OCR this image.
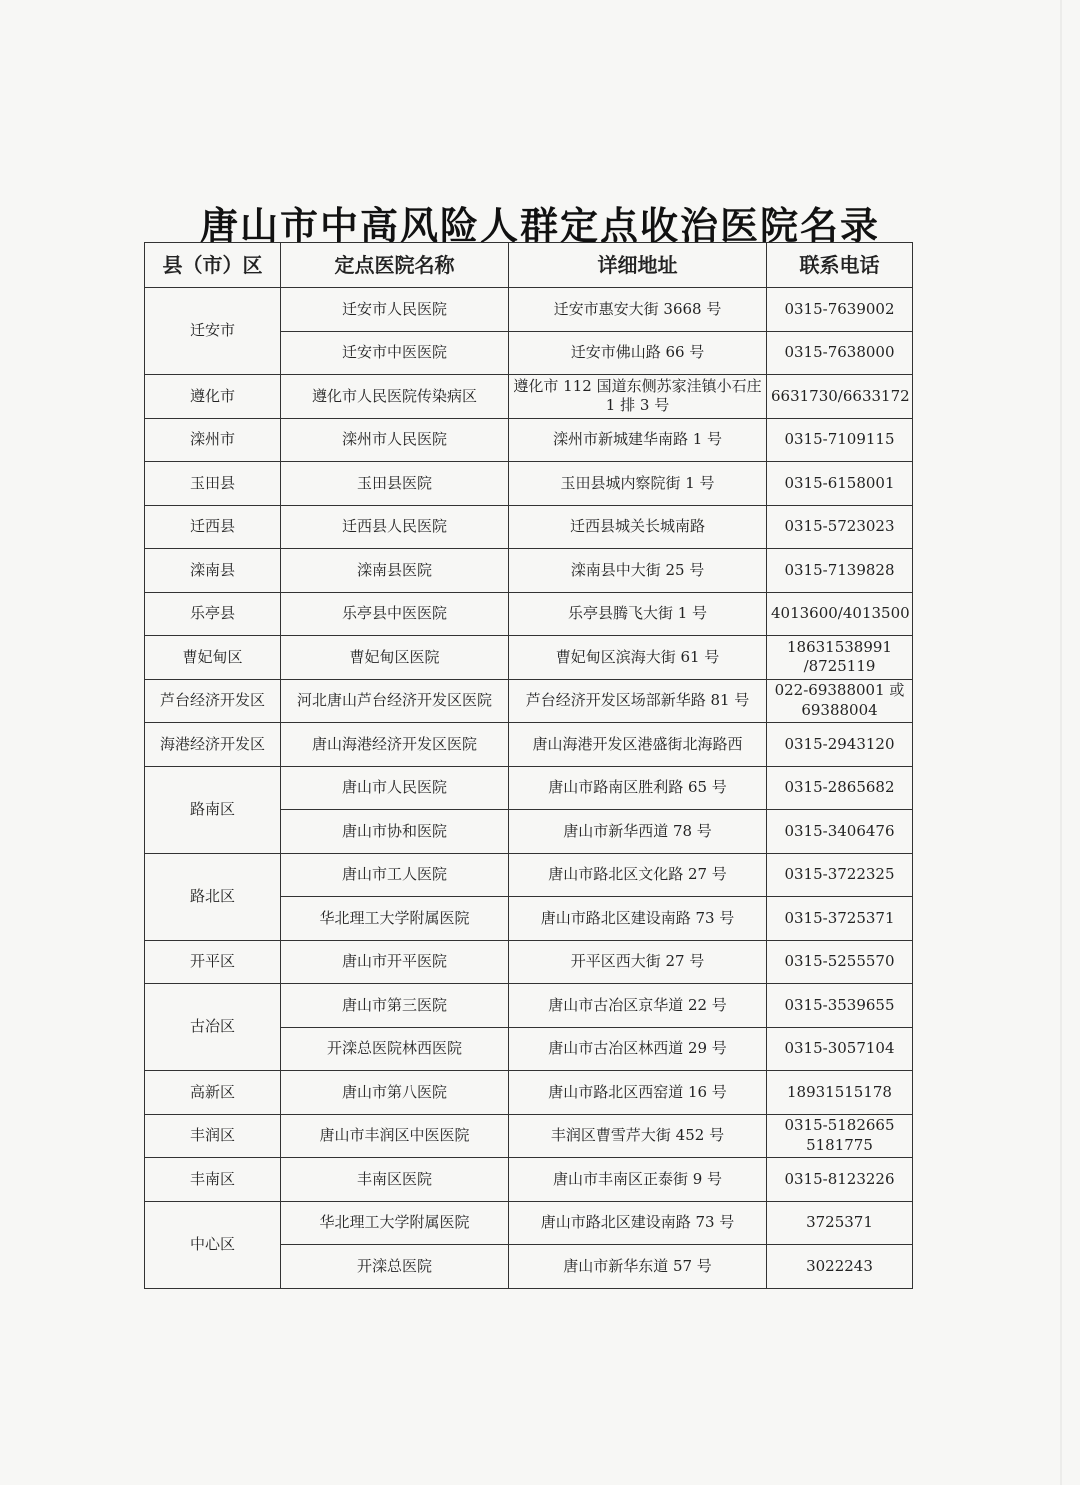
唐山市中高风险人群定点收治医院名录
县（市）区	定点医院名称	详细地址	联系电话
迁安市	迁安市人民医院	迁安市惠安大街 3668 号	0315-7639002
	迁安市中医医院	迁安市佛山路 66 号	0315-7638000
遵化市	遵化市人民医院传染病区	遵化市 112 国道东侧苏家洼镇小石庄 1 排 3 号	6631730/6633172
滦州市	滦州市人民医院	滦州市新城建华南路 1 号	0315-7109115
玉田县	玉田县医院	玉田县城内察院街 1 号	0315-6158001
迁西县	迁西县人民医院	迁西县城关长城南路	0315-5723023
滦南县	滦南县医院	滦南县中大街 25 号	0315-7139828
乐亭县	乐亭县中医医院	乐亭县腾飞大街 1 号	4013600/4013500
曹妃甸区	曹妃甸区医院	曹妃甸区滨海大街 61 号	18631538991 /8725119
芦台经济开发区	河北唐山芦台经济开发区医院	芦台经济开发区场部新华路 81 号	022-69388001 或 69388004
海港经济开发区	唐山海港经济开发区医院	唐山海港开发区港盛街北海路西	0315-2943120
路南区	唐山市人民医院	唐山市路南区胜利路 65 号	0315-2865682
	唐山市协和医院	唐山市新华西道 78 号	0315-3406476
路北区	唐山市工人医院	唐山市路北区文化路 27 号	0315-3722325
	华北理工大学附属医院	唐山市路北区建设南路 73 号	0315-3725371
开平区	唐山市开平医院	开平区西大街 27 号	0315-5255570
古冶区	唐山市第三医院	唐山市古冶区京华道 22 号	0315-3539655
	开滦总医院林西医院	唐山市古冶区林西道 29 号	0315-3057104
高新区	唐山市第八医院	唐山市路北区西窑道 16 号	18931515178
丰润区	唐山市丰润区中医医院	丰润区曹雪芹大街 452 号	0315-5182665 5181775
丰南区	丰南区医院	唐山市丰南区正泰街 9 号	0315-8123226
中心区	华北理工大学附属医院	唐山市路北区建设南路 73 号	3725371
	开滦总医院	唐山市新华东道 57 号	3022243
